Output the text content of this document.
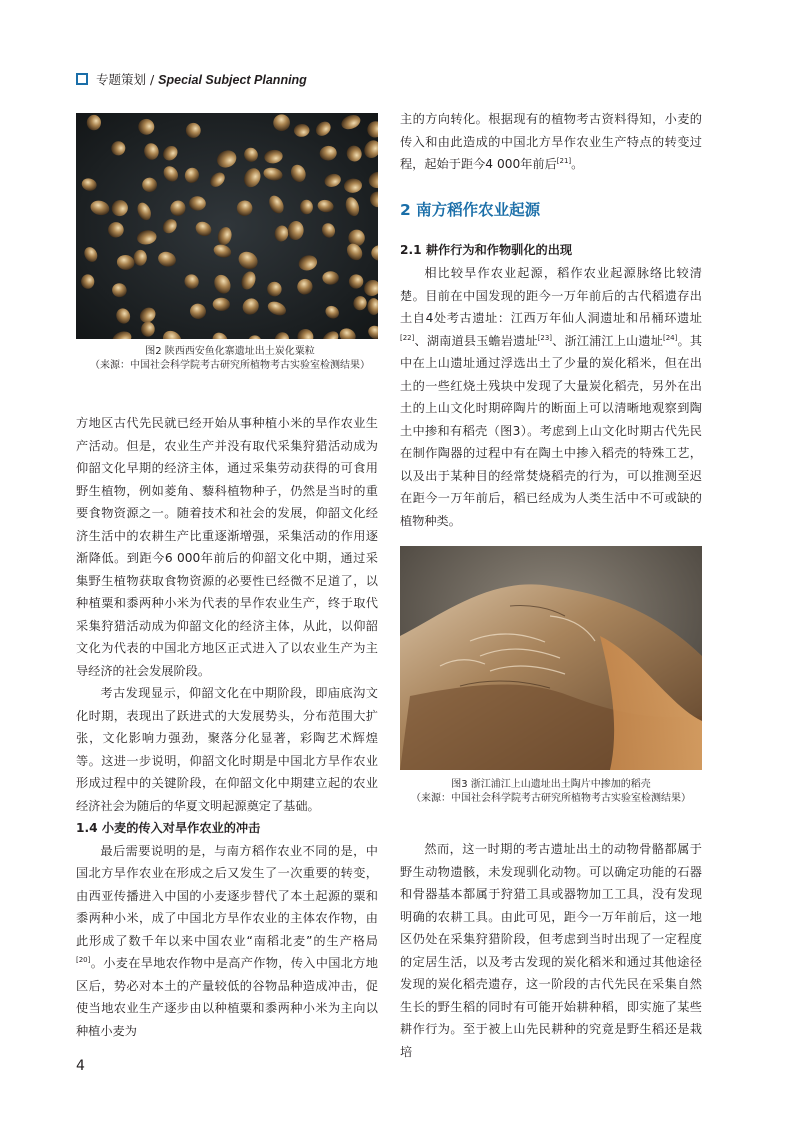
专题策划 / Special Subject Planning
图2 陕西西安鱼化寨遗址出土炭化粟粒
（来源：中国社会科学院考古研究所植物考古实验室检测结果）

方地区古代先民就已经开始从事种植小米的旱作农业生产活动。但是，农业生产并没有取代采集狩猎活动成为仰韶文化早期的经济主体，通过采集劳动获得的可食用野生植物，例如菱角、藜科植物种子，仍然是当时的重要食物资源之一。随着技术和社会的发展，仰韶文化经济生活中的农耕生产比重逐渐增强，采集活动的作用逐渐降低。到距今6 000年前后的仰韶文化中期，通过采集野生植物获取食物资源的必要性已经微不足道了，以种植粟和黍两种小米为代表的旱作农业生产，终于取代采集狩猎活动成为仰韶文化的经济主体，从此，以仰韶文化为代表的中国北方地区正式进入了以农业生产为主导经济的社会发展阶段。

考古发现显示，仰韶文化在中期阶段，即庙底沟文化时期，表现出了跃进式的大发展势头，分布范围大扩张，文化影响力强劲，聚落分化显著，彩陶艺术辉煌等。这进一步说明，仰韶文化时期是中国北方旱作农业形成过程中的关键阶段，在仰韶文化中期建立起的农业经济社会为随后的华夏文明起源奠定了基础。

1.4 小麦的传入对旱作农业的冲击

最后需要说明的是，与南方稻作农业不同的是，中国北方旱作农业在形成之后又发生了一次重要的转变，由西亚传播进入中国的小麦逐步替代了本土起源的粟和黍两种小米，成了中国北方旱作农业的主体农作物，由此形成了数千年以来中国农业“南稻北麦”的生产格局[20]。小麦在旱地农作物中是高产作物，传入中国北方地区后，势必对本土的产量较低的谷物品种造成冲击，促使当地农业生产逐步由以种植粟和黍两种小米为主向以种植小麦为

主的方向转化。根据现有的植物考古资料得知，小麦的传入和由此造成的中国北方旱作农业生产特点的转变过程，起始于距今4 000年前后[21]。

2 南方稻作农业起源
2.1 耕作行为和作物驯化的出现

相比较旱作农业起源，稻作农业起源脉络比较清楚。目前在中国发现的距今一万年前后的古代稻遗存出土自4处考古遗址：江西万年仙人洞遗址和吊桶环遗址[22]、湖南道县玉蟾岩遗址[23]、浙江浦江上山遗址[24]。其中在上山遗址通过浮选出土了少量的炭化稻米，但在出土的一些红烧土残块中发现了大量炭化稻壳，另外在出土的上山文化时期碎陶片的断面上可以清晰地观察到陶土中掺和有稻壳（图3）。考虑到上山文化时期古代先民在制作陶器的过程中有在陶土中掺入稻壳的特殊工艺，以及出于某种目的经常焚烧稻壳的行为，可以推测至迟在距今一万年前后，稻已经成为人类生活中不可或缺的植物种类。

图3 浙江浦江上山遗址出土陶片中掺加的稻壳
（来源：中国社会科学院考古研究所植物考古实验室检测结果）

然而，这一时期的考古遗址出土的动物骨骼都属于野生动物遗骸，未发现驯化动物。可以确定功能的石器和骨器基本都属于狩猎工具或器物加工工具，没有发现明确的农耕工具。由此可见，距今一万年前后，这一地区仍处在采集狩猎阶段，但考虑到当时出现了一定程度的定居生活，以及考古发现的炭化稻米和通过其他途径发现的炭化稻壳遗存，这一阶段的古代先民在采集自然生长的野生稻的同时有可能开始耕种稻，即实施了某些耕作行为。至于被上山先民耕种的究竟是野生稻还是栽培

4
